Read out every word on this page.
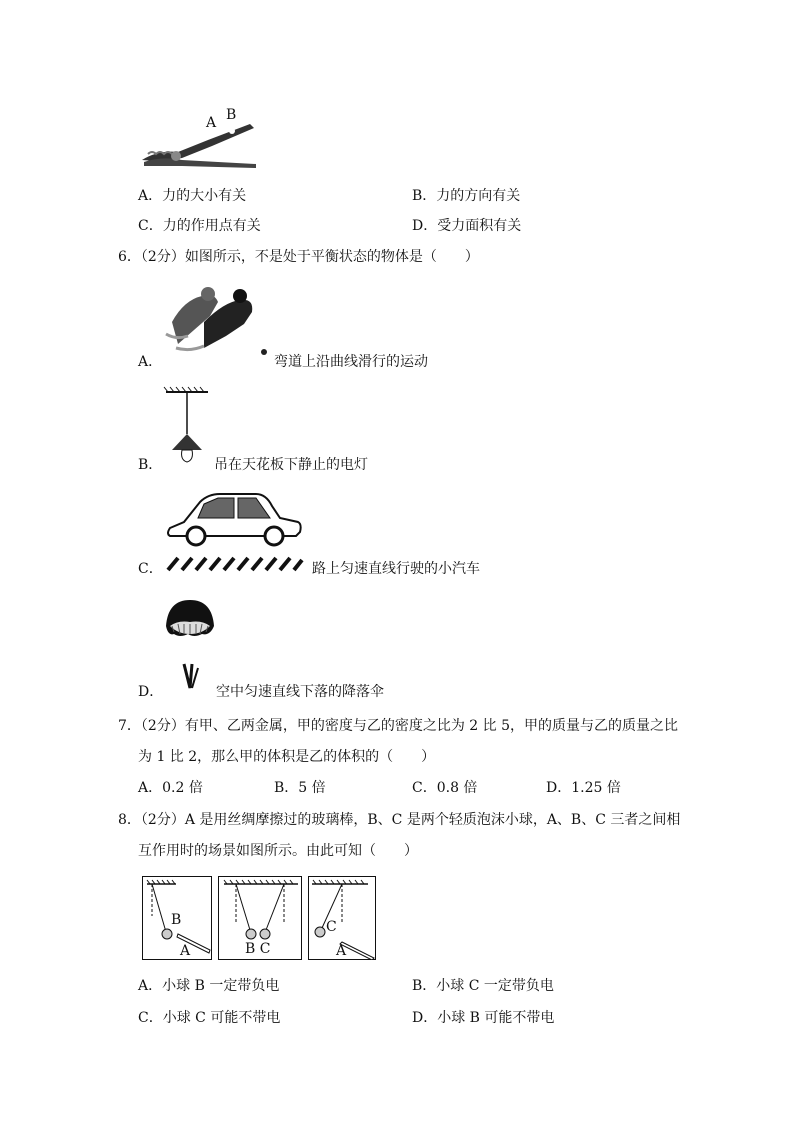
A B
A．力的大小有关	B．力的方向有关
C．力的作用点有关	D．受力面积有关
6．（2分）如图所示，不是处于平衡状态的物体是（　　）
A．	弯道上沿曲线滑行的运动
B．	吊在天花板下静止的电灯
C．	路上匀速直线行驶的小汽车
D．	空中匀速直线下落的降落伞
7．（2分）有甲、乙两金属，甲的密度与乙的密度之比为 2 比 5，甲的质量与乙的质量之比
为 1 比 2，那么甲的体积是乙的体积的（　　）
A．0.2 倍	B．5 倍	C．0.8 倍	D．1.25 倍
8．（2分）A 是用丝绸摩擦过的玻璃棒，B、C 是两个轻质泡沫小球，A、B、C 三者之间相
互作用时的场景如图所示。由此可知（　　）
B
A	B C
C
A
A．小球 B 一定带负电	B．小球 C 一定带负电
C．小球 C 可能不带电	D．小球 B 可能不带电
